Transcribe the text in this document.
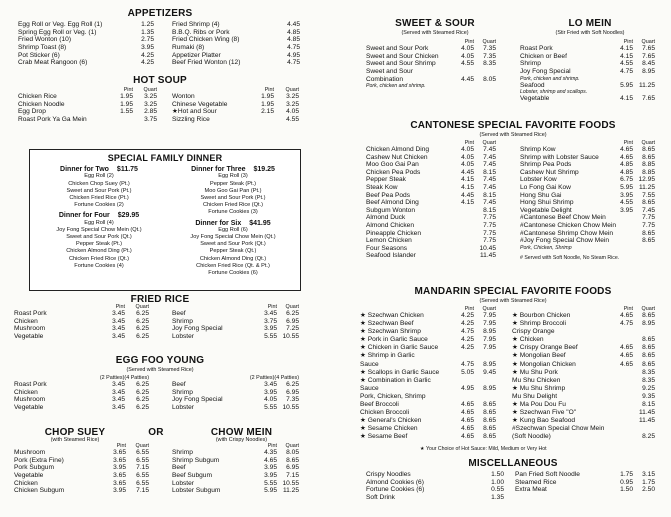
APPETIZERS
Egg Roll or Veg. Egg Roll (1)	1.25
Spring Egg Roll or Veg. (1)	1.35
Fried Wonton (10)	2.75
Shrimp Toast (8)	3.95
Pot Sticker (6)	4.25
Crab Meat Rangoon (6)	4.25
Fried Shrimp (4)	4.45
B.B.Q. Ribs or Pork	4.85
Fried Chicken Wing (8)	4.85
Rumaki (8)	4.75
Appetizer Platter	4.95
Beef Fried Wonton (12)	4.75
HOT SOUP
Pint Quart
Chicken Rice	1.95 3.25
Chicken Noodle	1.95 3.25
Egg Drop	1.55 2.85
Roast Pork Ya Ga Mein	3.75
Pint Quart
Wonton	1.95 3.25
Chinese Vegetable	1.95 3.25
★Hot and Sour	2.15 4.05
Sizzling Rice	4.55
SPECIAL FAMILY DINNER
Dinner for Two $11.75
Egg Roll (2)
Chicken Chop Suey (Pt.)
Sweet and Sour Pork (Pt.)
Chicken Fried Rice (Pt.)
Fortune Cookies (2)
Dinner for Four $29.95
Egg Roll (4)
Joy Fong Special Chow Mein (Qt.)
Sweet and Sour Pork (Qt.)
Pepper Steak (Pt.)
Chicken Almond Ding (Pt.)
Chicken Fried Rice (Qt.)
Fortune Cookies (4)
Dinner for Three $19.25
Egg Roll (3)
Pepper Steak (Pt.)
Moo Goo Gai Pan (Pt.)
Sweet and Sour Pork (Pt.)
Chicken Fried Rice (Qt.)
Fortune Cookies (3)
Dinner for Six $41.95
Egg Roll (6)
Joy Fong Special Chow Mein (Qt.)
Sweet and Sour Pork (Qt.)
Pepper Steak (Qt.)
Chicken Almond Ding (Qt.)
Chicken Fried Rice (Qt. & Pt.)
Fortune Cookies (6)
FRIED RICE
Pint Quart
Roast Pork	3.45 6.25
Chicken	3.45 6.25
Mushroom	3.45 6.25
Vegetable	3.45 6.25
Pint Quart
Beef	3.45 6.25
Shrimp	3.75 6.95
Joy Fong Special	3.95 7.25
Lobster	5.55 10.55
EGG FOO YOUNG
(Served with Steamed Rice)
(2 Patties)(4 Patties)
Roast Pork	3.45 6.25
Chicken	3.45 6.25
Mushroom	3.45 6.25
Vegetable	3.45 6.25
(2 Patties)(4 Patties)
Beef	3.45 6.25
Shrimp	3.95 6.95
Joy Fong Special	4.05 7.35
Lobster	5.55 10.55
CHOP SUEY
(with Steamed Rice)
OR	CHOW MEIN
(with Crispy Noodles)
Pint Quart
Mushroom	3.65 6.55
Pork (Extra Fine)	3.65 6.55
Pork Subgum	3.95 7.15
Vegetable	3.65 6.55
Chicken	3.65 6.55
Chicken Subgum	3.95 7.15
Pint Quart
Shrimp	4.35 8.05
Shrimp Subgum	4.65 8.65
Beef	3.95 6.95
Beef Subgum	3.95 7.15
Lobster	5.55 10.55
Lobster Subgum	5.95 11.25
SWEET & SOUR
(Served with Steamed Rice)
Pint Quart
Sweet and Sour Pork	4.05 7.35
Sweet and Sour Chicken	4.05 7.35
Sweet and Sour Shrimp	4.55 8.35
Sweet and Sour
Combination	4.45 8.05
Pork, chicken and shrimp.
LO MEIN
(Stir Fried with Soft Noodles)
Pint Quart
Roast Pork	4.15 7.65
Chicken or Beef	4.15 7.65
Shrimp	4.55 8.45
Joy Fong Special	4.75 8.95
Pork, chicken and shrimp.
Seafood	5.95 11.25
Lobster, shrimp and scallops.
Vegetable	4.15 7.65
CANTONESE SPECIAL FAVORITE FOODS
(Served with Steamed Rice)
Pint Quart
Chicken Almond Ding	4.05 7.45
Cashew Nut Chicken	4.05 7.45
Moo Goo Gai Pan	4.05 7.45
Chicken Pea Pods	4.45 8.15
Pepper Steak	4.15 7.45
Steak Kow	4.15 7.45
Beef Pea Pods	4.45 8.15
Beef Almond Ding	4.15 7.45
Subgum Wonton	8.15
Almond Duck	7.75
Almond Chicken	7.75
Pineapple Chicken	7.75
Lemon Chicken	7.75
Four Seasons	10.45
Seafood Islander	11.45
Pint Quart
Shrimp Kow	4.65 8.65
Shrimp with Lobster Sauce	4.65 8.65
Shrimp Pea Pods	4.85 8.85
Cashew Nut Shrimp	4.85 8.85
Lobster Kow	6.75 12.95
Lo Fong Gai Kow	5.95 11.25
Hong Shu Gai	3.95 7.55
Hong Shui Shrimp	4.55 8.65
Vegetable Delight	3.95 7.45
#Cantonese Beef Chow Mein	7.75
#Cantonese Chicken Chow Mein	7.75
#Cantonese Shrimp Chow Mein	8.65
#Joy Fong Special Chow Mein	8.65
Pork, Chicken, Shrimp
# Served with Soft Noodle, No Steam Rice.
MANDARIN SPECIAL FAVORITE FOODS
(Served with Steamed Rice)
Pint Quart
★ Szechwan Chicken	4.25 7.95
★ Szechwan Beef	4.25 7.95
★ Szechwan Shrimp	4.75 8.95
★ Pork in Garlic Sauce	4.25 7.95
★ Chicken in Garlic Sauce	4.25 7.95
★ Shrimp in Garlic
Sauce	4.75 8.95
★ Scallops in Garlic Sauce	5.05 9.45
★ Combination in Garlic
Sauce	4.95 8.95
Pork, Chicken, Shrimp
Beef Broccoli	4.65 8.65
Chicken Broccoli	4.65 8.65
★ General's Chicken	4.65 8.65
★ Sesame Chicken	4.65 8.65
★ Sesame Beef	4.65 8.65
Pint Quart
★ Bourbon Chicken	4.65 8.65
★ Shrimp Broccoli	4.75 8.95
Crispy Orange
★ Chicken	8.65
★ Crispy Orange Beef	4.65 8.65
★ Mongolian Beef	4.65 8.65
★ Mongolian Chicken	4.65 8.65
★ Mu Shu Pork	8.35
Mu Shu Chicken	8.35
★ Mu Shu Shrimp	9.25
Mu Shu Delight	9.35
★ Ma Pou Dou Fu	8.15
★ Szechwan Five "O"	11.45
★ Kung Bao Seafood	11.45
#Szechwan Special Chow Mein
(Soft Noodle)	8.25
★ Your Choice of Hot Sauce: Mild, Medium or Very Hot
MISCELLANEOUS
Crispy Noodles	1.50
Almond Cookies (6)	1.00
Fortune Cookies (6)	0.55
Soft Drink	1.35
Pan Fried Soft Noodle	1.75 3.15
Steamed Rice	0.95 1.75
Extra Meat	1.50 2.50
